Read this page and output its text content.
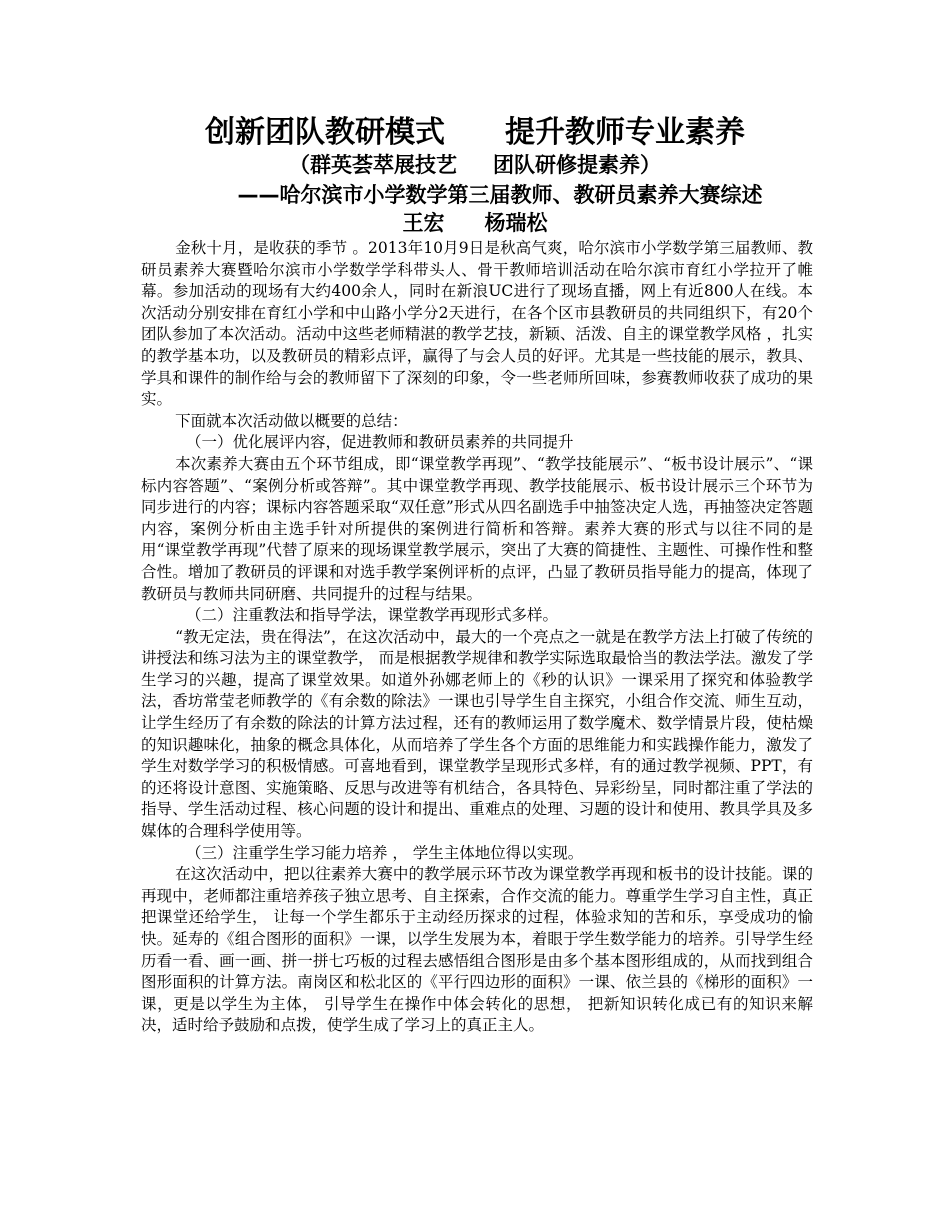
创新团队教研模式 提升教师专业素养
（群英荟萃展技艺 团队研修提素养）
——哈尔滨市小学数学第三届教师、教研员素养大赛综述
王宏 杨瑞松

金秋十月，是收获的季节 。2013年10月9日是秋高气爽，哈尔滨市小学数学第三届教师、教研员素养大赛暨哈尔滨市小学数学学科带头人、骨干教师培训活动在哈尔滨市育红小学拉开了帷幕。参加活动的现场有大约400余人，同时在新浪UC进行了现场直播，网上有近800人在线。本次活动分别安排在育红小学和中山路小学分2天进行，在各个区市县教研员的共同组织下，有20个团队参加了本次活动。活动中这些老师精湛的教学艺技，新颖、活泼、自主的课堂教学风格 ，扎实的教学基本功，以及教研员的精彩点评，赢得了与会人员的好评。尤其是一些技能的展示，教具、学具和课件的制作给与会的教师留下了深刻的印象，令一些老师所回味，参赛教师收获了成功的果实。

下面就本次活动做以概要的总结：

（一）优化展评内容，促进教师和教研员素养的共同提升

本次素养大赛由五个环节组成，即“课堂教学再现”、“教学技能展示”、“板书设计展示”、“课标内容答题”、“案例分析或答辩”。其中课堂教学再现、教学技能展示、板书设计展示三个环节为同步进行的内容；课标内容答题采取“双任意”形式从四名副选手中抽签决定人选，再抽签决定答题内容，案例分析由主选手针对所提供的案例进行简析和答辩。素养大赛的形式与以往不同的是用“课堂教学再现”代替了原来的现场课堂教学展示，突出了大赛的简捷性、主题性、可操作性和整合性。增加了教研员的评课和对选手教学案例评析的点评，凸显了教研员指导能力的提高，体现了教研员与教师共同研磨、共同提升的过程与结果。

（二）注重教法和指导学法，课堂教学再现形式多样。

“教无定法，贵在得法”，在这次活动中，最大的一个亮点之一就是在教学方法上打破了传统的讲授法和练习法为主的课堂教学， 而是根据教学规律和教学实际选取最恰当的教法学法。激发了学生学习的兴趣，提高了课堂效果。如道外孙娜老师上的《秒的认识》一课采用了探究和体验教学法，香坊常莹老师教学的《有余数的除法》一课也引导学生自主探究，小组合作交流、师生互动，让学生经历了有余数的除法的计算方法过程，还有的教师运用了数学魔术、数学情景片段，使枯燥的知识趣味化，抽象的概念具体化，从而培养了学生各个方面的思维能力和实践操作能力，激发了学生对数学学习的积极情感。可喜地看到，课堂教学呈现形式多样，有的通过教学视频、PPT，有的还将设计意图、实施策略、反思与改进等有机结合，各具特色、异彩纷呈，同时都注重了学法的指导、学生活动过程、核心问题的设计和提出、重难点的处理、习题的设计和使用、教具学具及多媒体的合理科学使用等。

（三）注重学生学习能力培养 ， 学生主体地位得以实现。

在这次活动中，把以往素养大赛中的教学展示环节改为课堂教学再现和板书的设计技能。课的再现中，老师都注重培养孩子独立思考、自主探索，合作交流的能力。尊重学生学习自主性，真正把课堂还给学生， 让每一个学生都乐于主动经历探求的过程，体验求知的苦和乐，享受成功的愉快。延寿的《组合图形的面积》一课，以学生发展为本，着眼于学生数学能力的培养。引导学生经历看一看、画一画、拼一拼七巧板的过程去感悟组合图形是由多个基本图形组成的，从而找到组合图形面积的计算方法。南岗区和松北区的《平行四边形的面积》一课、依兰县的《梯形的面积》一课，更是以学生为主体， 引导学生在操作中体会转化的思想， 把新知识转化成已有的知识来解决，适时给予鼓励和点拨，使学生成了学习上的真正主人。
